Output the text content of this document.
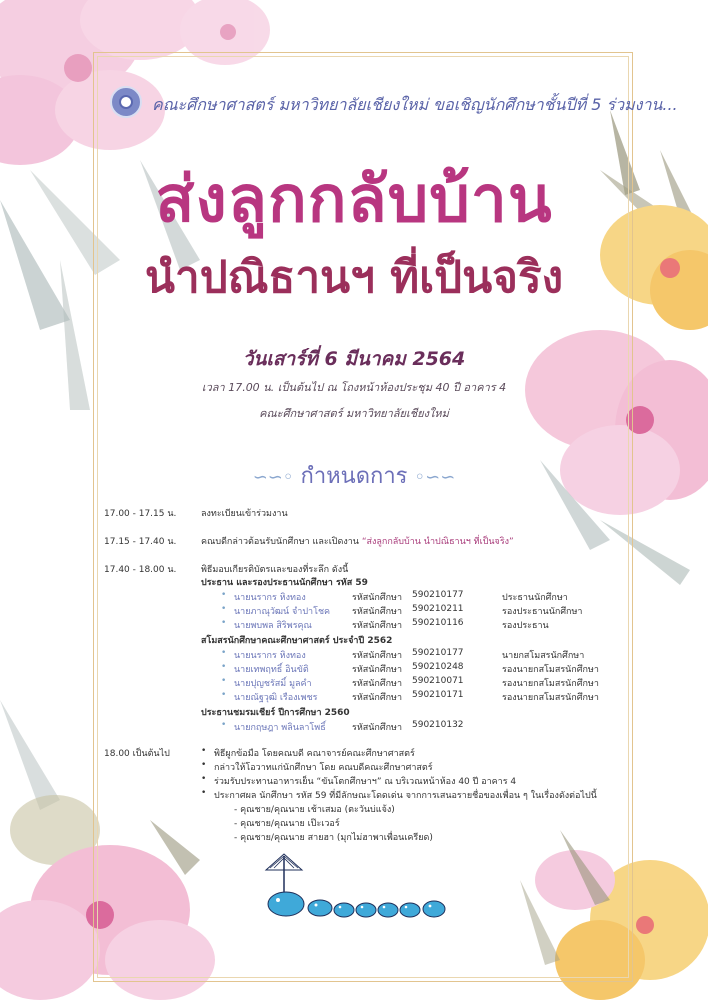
คณะศึกษาศาสตร์ มหาวิทยาลัยเชียงใหม่ ขอเชิญนักศึกษาชั้นปีที่ 5 ร่วมงาน...
ส่งลูกกลับบ้าน
นำปณิธานฯ ที่เป็นจริง
วันเสาร์ที่ 6 มีนาคม 2564
เวลา 17.00 น. เป็นต้นไป ณ โถงหน้าห้องประชุม 40 ปี อาคาร 4
คณะศึกษาศาสตร์ มหาวิทยาลัยเชียงใหม่
∽∽◦ กำหนดการ ◦∽∽
17.00 - 17.15 น.	ลงทะเบียนเข้าร่วมงาน
17.15 - 17.40 น.	คณบดีกล่าวต้อนรับนักศึกษา และเปิดงาน “ส่งลูกกลับบ้าน นำปณิธานฯ ที่เป็นจริง”
17.40 - 18.00 น.	พิธีมอบเกียรติบัตรและของที่ระลึก ดังนี้
ประธาน และรองประธานนักศึกษา รหัส 59
• นายนรากร หิงทอง	รหัสนักศึกษา 590210177	ประธานนักศึกษา
• นายภาณุวัฒน์ จำปาโชค รหัสนักศึกษา 590210211	รองประธานนักศึกษา
• นายพบพล สิริพรคุณ	รหัสนักศึกษา 590210116	รองประธาน
สโมสรนักศึกษาคณะศึกษาศาสตร์ ประจำปี 2562
• นายนรากร หิงทอง	รหัสนักศึกษา 590210177	นายกสโมสรนักศึกษา
• นายเทพฤทธิ์ อินขัติ	รหัสนักศึกษา 590210248	รองนายกสโมสรนักศึกษา
• นายปุญชรัสมิ์ มูลคำ	รหัสนักศึกษา 590210071	รองนายกสโมสรนักศึกษา
• นายณัฐวุฒิ เรืองเพชร	รหัสนักศึกษา 590210171	รองนายกสโมสรนักศึกษา
ประธานชมรมเชียร์ ปีการศึกษา 2560
• นายกฤษฎา พลินลาโพธิ์	รหัสนักศึกษา 590210132
18.00 เป็นต้นไป	• พิธีผูกข้อมือ โดยคณบดี คณาจารย์คณะศึกษาศาสตร์
• กล่าวให้โอวาทแก่นักศึกษา โดย คณบดีคณะศึกษาศาสตร์
• ร่วมรับประทานอาหารเย็น “ขันโตกศึกษาฯ” ณ บริเวณหน้าห้อง 40 ปี อาคาร 4
• ประกาศผล นักศึกษา รหัส 59 ที่มีลักษณะโดดเด่น จากการเสนอรายชื่อของเพื่อน ๆ ในเรื่องดังต่อไปนี้
- คุณชาย/คุณนาย เช้าเสมอ (ตะวันบ่แจ้ง)
- คุณชาย/คุณนาย เป๊ะเวอร์
- คุณชาย/คุณนาย สายฮา (มุกไม่ฮาพาเพื่อนเครียด)
